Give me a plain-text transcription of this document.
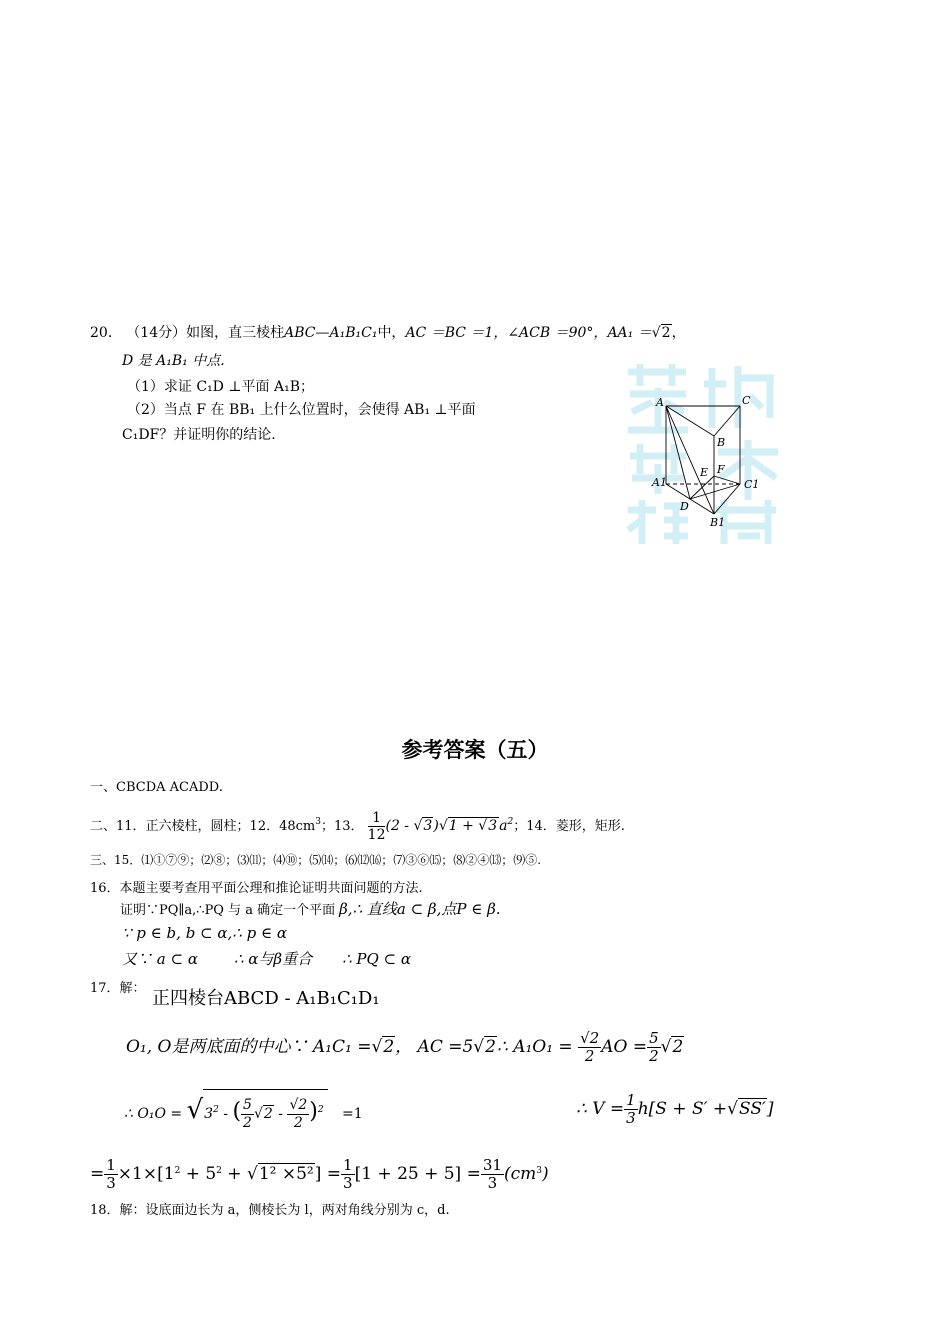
20． （14分）如图，直三棱柱ABC—A₁B₁C₁中，AC ＝BC ＝1，∠ACB ＝90°，AA₁ ＝√2，
D 是 A₁B₁ 中点.
（1）求证 C₁D ⊥平面 A₁B；
（2）当点 F 在 BB₁ 上什么位置时，会使得 AB₁ ⊥平面
C₁DF？并证明你的结论.
A	C
B
E F
A1	C1
D
B1
参考答案（五）
一、CBCDA ACADD.
二、11．正六棱柱，圆柱；12．$48cm^3$；13． $\frac{1}{12} (2 - √3)√1 + √3$ $a^2$；14．菱形，矩形.
三、15．⑴①⑦⑨；⑵⑧；⑶⑾；⑷⑩；⑸⒁；⑹⑿⒃；⑺③⑥⒂；⑻②④⒀；⑼⑤.
16．本题主要考查用平面公理和推论证明共面问题的方法.
证明∵PQ∥a,∴PQ 与 a 确定一个平面 β,∴ 直线a ⊂ β,点P ∈ β.
∵ p ∈ b, b ⊂ α,∴ p ∈ α
又∵ a ⊂ α ∴ α与β重合 ∴ PQ ⊂ α
17．解： 正四棱台ABCD - A₁B₁C₁D₁
O₁, O是两底面的中心∵ A₁C₁ =√2， AC =5√2∴ $A_1O_1 = \frac{√2}{2}$ AO = $\frac{5}{2} √2$
∴ $O_1O = √3^2$ - ( $\frac{5}{2} √2 - \frac{√2}{2} )^2 =1$	∴ $V = \frac{1}{3} h[S + S' +√SS']$
= $\frac{1}{3} \times 1\times[1^2 + 5^2 + √1^2 \times 5^2] = \frac{1}{3} [1 + 25 + 5] = \frac{31}{3} (cm^3)$
18．解：设底面边长为 a，侧棱长为 l，两对角线分别为 c，d.
